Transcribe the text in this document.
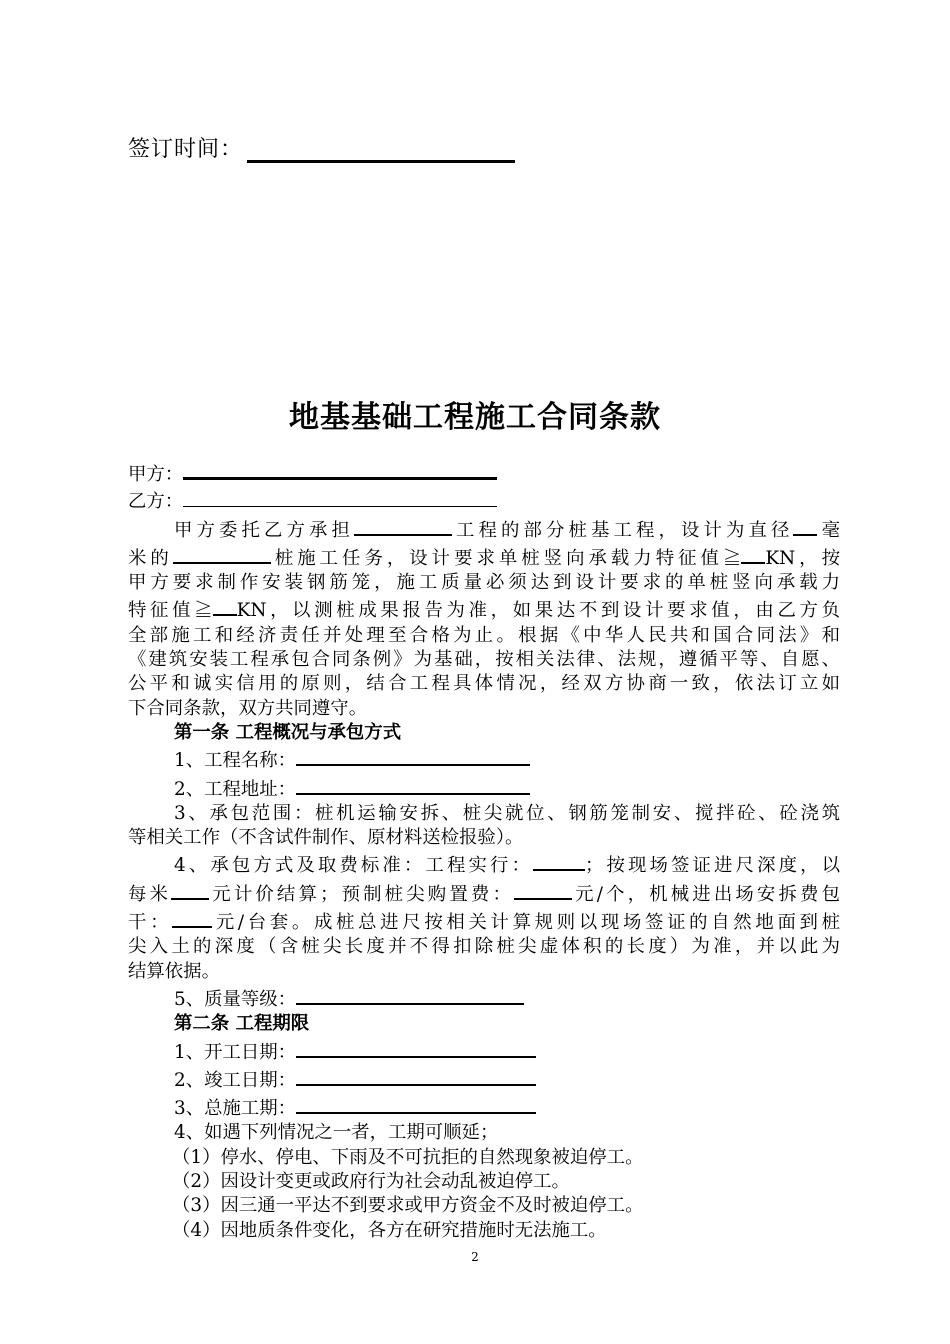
签订时间：
地基基础工程施工合同条款
甲方：
乙方：
甲方委托乙方承担	工程的部分桩基工程，设计为直径 毫
米的	桩施工任务，设计要求单桩竖向承载力特征值≧ KN，按
甲方要求制作安装钢筋笼，施工质量必须达到设计要求的单桩竖向承载力
特征值≧ KN，以测桩成果报告为准，如果达不到设计要求值，由乙方负
全部施工和经济责任并处理至合格为止。根据《中华人民共和国合同法》和
《建筑安装工程承包合同条例》为基础，按相关法律、法规，遵循平等、自愿、
公平和诚实信用的原则，结合工程具体情况，经双方协商一致，依法订立如
下合同条款，双方共同遵守。
第一条 工程概况与承包方式
1、工程名称：
2、工程地址：
3、承包范围：桩机运输安拆、桩尖就位、钢筋笼制安、搅拌砼、砼浇筑
等相关工作（不含试件制作、原材料送检报验）。
4、承包方式及取费标准：工程实行：	；按现场签证进尺深度，以
每米 元计价结算；预制桩尖购置费：	元/个，机械进出场安拆费包
干： 元/台套。成桩总进尺按相关计算规则以现场签证的自然地面到桩
尖入土的深度（含桩尖长度并不得扣除桩尖虚体积的长度）为准，并以此为
结算依据。
5、质量等级：
第二条 工程期限
1、开工日期：
2、竣工日期：
3、总施工期：
4、如遇下列情况之一者，工期可顺延；
（1）停水、停电、下雨及不可抗拒的自然现象被迫停工。
（2）因设计变更或政府行为社会动乱被迫停工。
（3）因三通一平达不到要求或甲方资金不及时被迫停工。
（4）因地质条件变化，各方在研究措施时无法施工。
2
